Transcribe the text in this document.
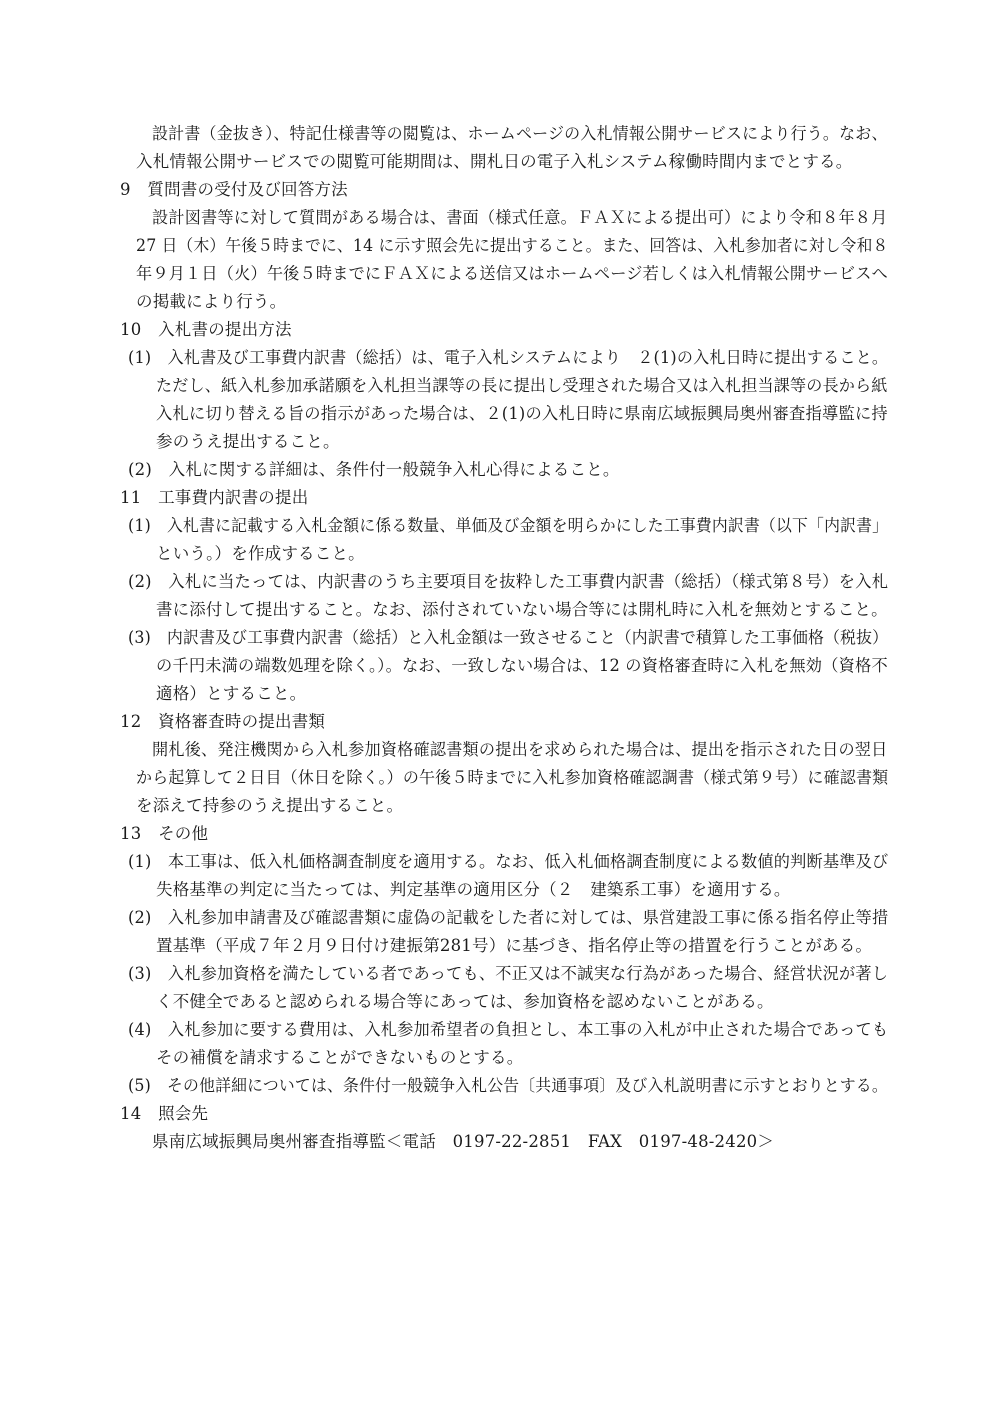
設計書（金抜き）、特記仕様書等の閲覧は、ホームページの入札情報公開サービスにより行う。なお、
入札情報公開サービスでの閲覧可能期間は、開札日の電子入札システム稼働時間内までとする。
9　質問書の受付及び回答方法
設計図書等に対して質問がある場合は、書面（様式任意。ＦＡＸによる提出可）により令和８年８月
27 日（木）午後５時までに、14 に示す照会先に提出すること。また、回答は、入札参加者に対し令和８
年９月１日（火）午後５時までにＦＡＸによる送信又はホームページ若しくは入札情報公開サービスへ
の掲載により行う。
10　入札書の提出方法
(1)　入札書及び工事費内訳書（総括）は、電子入札システムにより　２(1)の入札日時に提出すること。
ただし、紙入札参加承諾願を入札担当課等の長に提出し受理された場合又は入札担当課等の長から紙
入札に切り替える旨の指示があった場合は、２(1)の入札日時に県南広域振興局奥州審査指導監に持
参のうえ提出すること。
(2)　入札に関する詳細は、条件付一般競争入札心得によること。
11　工事費内訳書の提出
(1)　入札書に記載する入札金額に係る数量、単価及び金額を明らかにした工事費内訳書（以下「内訳書」
という。）を作成すること。
(2)　入札に当たっては、内訳書のうち主要項目を抜粋した工事費内訳書（総括）（様式第８号）を入札
書に添付して提出すること。なお、添付されていない場合等には開札時に入札を無効とすること。
(3)　内訳書及び工事費内訳書（総括）と入札金額は一致させること（内訳書で積算した工事価格（税抜）
の千円未満の端数処理を除く。）。なお、一致しない場合は、12 の資格審査時に入札を無効（資格不
適格）とすること。
12　資格審査時の提出書類
開札後、発注機関から入札参加資格確認書類の提出を求められた場合は、提出を指示された日の翌日
から起算して２日目（休日を除く。）の午後５時までに入札参加資格確認調書（様式第９号）に確認書類
を添えて持参のうえ提出すること。
13　その他
(1)　本工事は、低入札価格調査制度を適用する。なお、低入札価格調査制度による数値的判断基準及び
失格基準の判定に当たっては、判定基準の適用区分（２　建築系工事）を適用する。
(2)　入札参加申請書及び確認書類に虚偽の記載をした者に対しては、県営建設工事に係る指名停止等措
置基準（平成７年２月９日付け建振第281号）に基づき、指名停止等の措置を行うことがある。
(3)　入札参加資格を満たしている者であっても、不正又は不誠実な行為があった場合、経営状況が著し
く不健全であると認められる場合等にあっては、参加資格を認めないことがある。
(4)　入札参加に要する費用は、入札参加希望者の負担とし、本工事の入札が中止された場合であっても
その補償を請求することができないものとする。
(5)　その他詳細については、条件付一般競争入札公告〔共通事項〕及び入札説明書に示すとおりとする。
14　照会先
県南広域振興局奥州審査指導監＜電話　0197-22-2851　FAX　0197-48-2420＞
